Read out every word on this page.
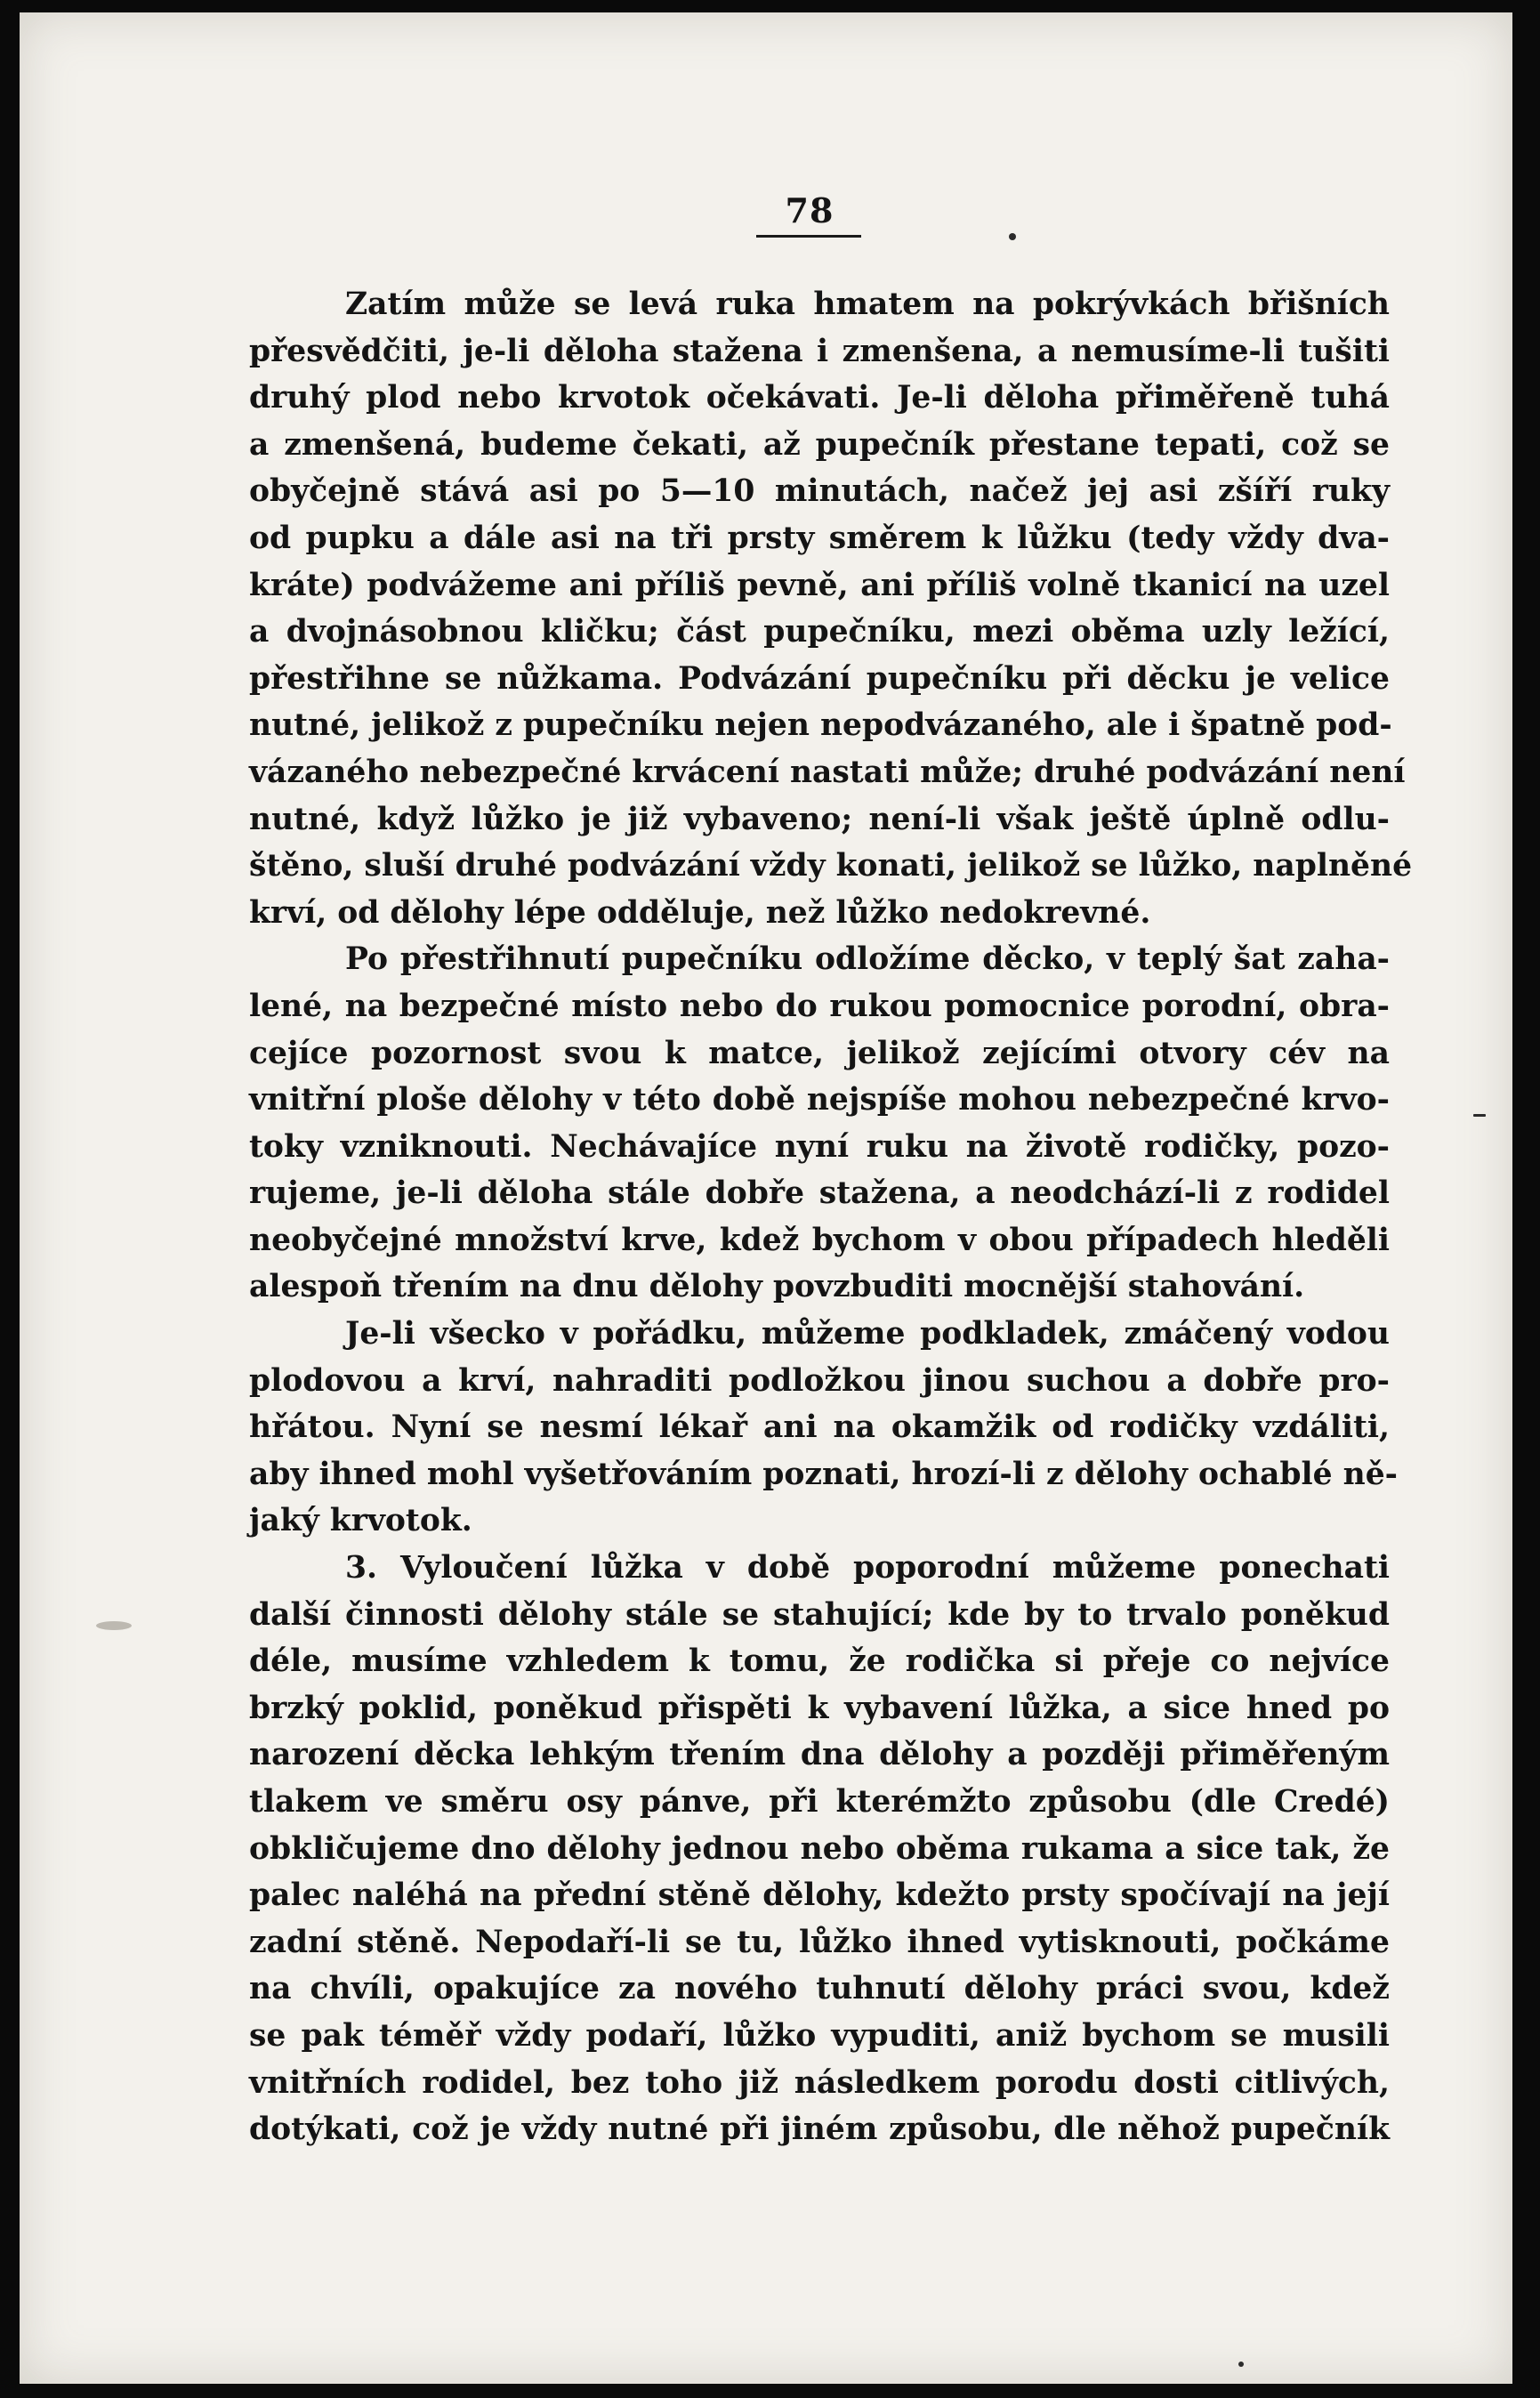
78
Zatím může se levá ruka hmatem na pokrývkách břišních
přesvědčiti, je-li děloha stažena i zmenšena, a nemusíme-li tušiti
druhý plod nebo krvotok očekávati. Je-li děloha přiměřeně tuhá
a zmenšená, budeme čekati, až pupečník přestane tepati, což se
obyčejně stává asi po 5—10 minutách, načež jej asi zšíří ruky
od pupku a dále asi na tři prsty směrem k lůžku (tedy vždy dva-
kráte) podvážeme ani příliš pevně, ani příliš volně tkanicí na uzel
a dvojnásobnou kličku; část pupečníku, mezi oběma uzly ležící,
přestřihne se nůžkama. Podvázání pupečníku při děcku je velice
nutné, jelikož z pupečníku nejen nepodvázaného, ale i špatně pod-
vázaného nebezpečné krvácení nastati může; druhé podvázání není
nutné, když lůžko je již vybaveno; není-li však ještě úplně odlu-
štěno, sluší druhé podvázání vždy konati, jelikož se lůžko, naplněné
krví, od dělohy lépe odděluje, než lůžko nedokrevné.
Po přestřihnutí pupečníku odložíme děcko, v teplý šat zaha-
lené, na bezpečné místo nebo do rukou pomocnice porodní, obra-
cejíce pozornost svou k matce, jelikož zejícími otvory cév na
vnitřní ploše dělohy v této době nejspíše mohou nebezpečné krvo-
toky vzniknouti. Nechávajíce nyní ruku na životě rodičky, pozo-
rujeme, je-li děloha stále dobře stažena, a neodchází-li z rodidel
neobyčejné množství krve, kdež bychom v obou případech hleděli
alespoň třením na dnu dělohy povzbuditi mocnější stahování.
Je-li všecko v pořádku, můžeme podkladek, zmáčený vodou
plodovou a krví, nahraditi podložkou jinou suchou a dobře pro-
hřátou. Nyní se nesmí lékař ani na okamžik od rodičky vzdáliti,
aby ihned mohl vyšetřováním poznati, hrozí-li z dělohy ochablé ně-
jaký krvotok.
3. Vyloučení lůžka v době poporodní můžeme ponechati
další činnosti dělohy stále se stahující; kde by to trvalo poněkud
déle, musíme vzhledem k tomu, že rodička si přeje co nejvíce
brzký poklid, poněkud přispěti k vybavení lůžka, a sice hned po
narození děcka lehkým třením dna dělohy a později přiměřeným
tlakem ve směru osy pánve, při kterémžto způsobu (dle Credé)
obkličujeme dno dělohy jednou nebo oběma rukama a sice tak, že
palec naléhá na přední stěně dělohy, kdežto prsty spočívají na její
zadní stěně. Nepodaří-li se tu, lůžko ihned vytisknouti, počkáme
na chvíli, opakujíce za nového tuhnutí dělohy práci svou, kdež
se pak téměř vždy podaří, lůžko vypuditi, aniž bychom se musili
vnitřních rodidel, bez toho již následkem porodu dosti citlivých,
dotýkati, což je vždy nutné při jiném způsobu, dle něhož pupečník
